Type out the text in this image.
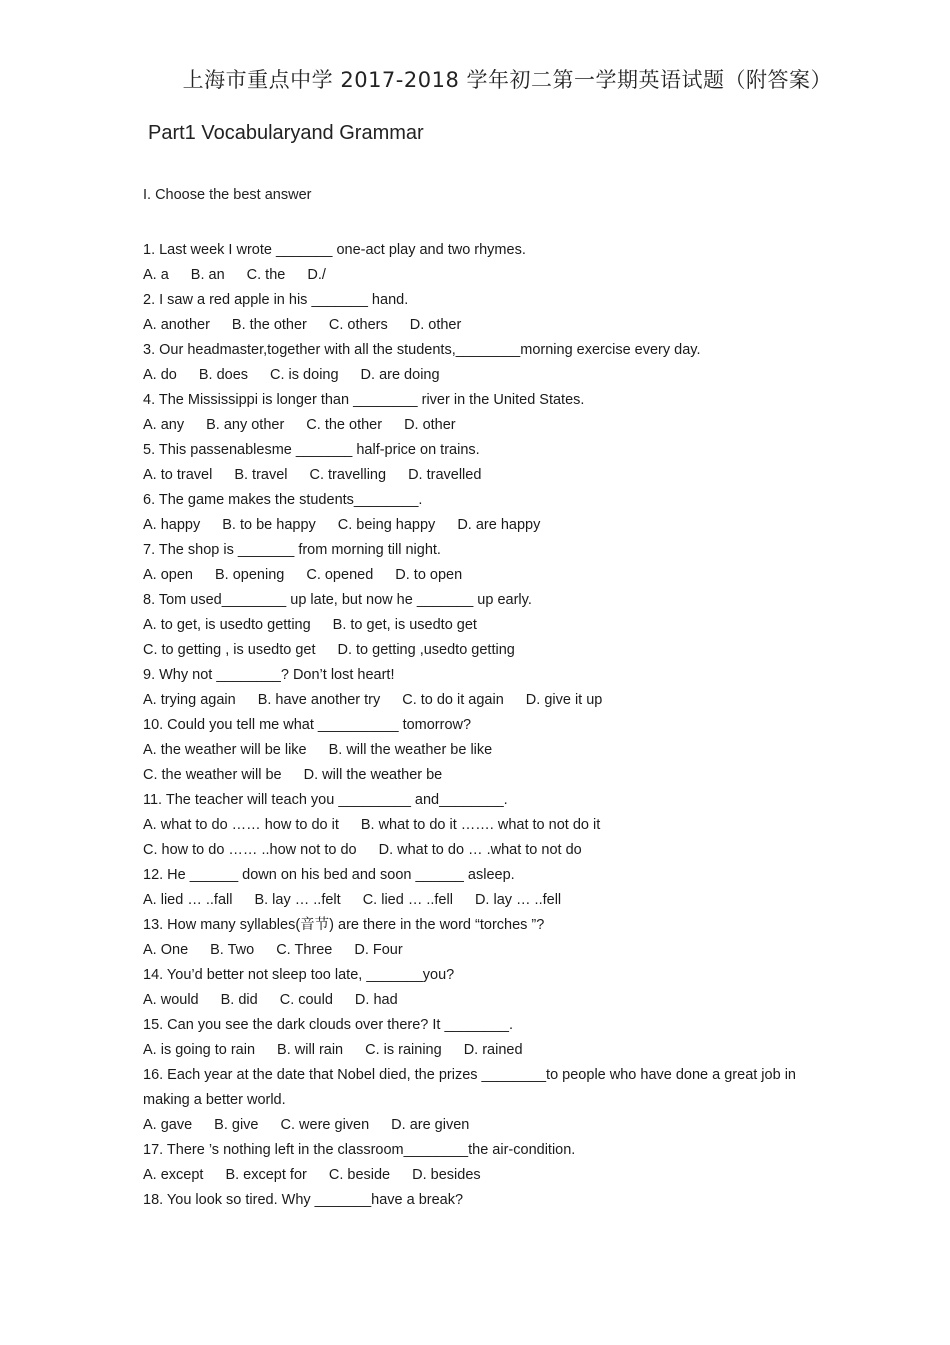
上海市重点中学 2017-2018 学年初二第一学期英语试题（附答案）
Part1 Vocabularyand Grammar
I. Choose the best answer
1. Last week I wrote _______ one-act play and two rhymes.
A. a B. an C. the D./
2. I saw a red apple in his _______ hand.
A. another B. the other C. others D. other
3. Our headmaster,together with all the students,________morning exercise every day.
A. do B. does C. is doing D. are doing
4. The Mississippi is longer than ________ river in the United States.
A. any B. any other C. the other D. other
5. This passenablesme _______ half-price on trains.
A. to travel B. travel C. travelling D. travelled
6. The game makes the students________.
A. happy B. to be happy C. being happy D. are happy
7. The shop is _______ from morning till night.
A. open B. opening C. opened D. to open
8. Tom used________ up late, but now he _______ up early.
A. to get, is usedto getting B. to get, is usedto get
C. to getting , is usedto get D. to getting ,usedto getting
9. Why not ________? Don’t lost heart!
A. trying again B. have another try C. to do it again D. give it up
10. Could you tell me what __________ tomorrow?
A. the weather will be like B. will the weather be like
C. the weather will be D. will the weather be
11. The teacher will teach you _________ and________.
A. what to do …… how to do it B. what to do it ……. what to not do it
C. how to do …… ..how not to do D. what to do … .what to not do
12. He ______ down on his bed and soon ______ asleep.
A. lied … ..fall B. lay … ..felt C. lied … ..fell D. lay … ..fell
13. How many syllables(音节) are there in the word “torches ”?
A. One B. Two C. Three D. Four
14. You’d better not sleep too late, _______you?
A. would B. did C. could D. had
15. Can you see the dark clouds over there? It ________.
A. is going to rain B. will rain C. is raining D. rained
16. Each year at the date that Nobel died, the prizes ________to people who have done a great job in
making a better world.
A. gave B. give C. were given D. are given
17. There ’s nothing left in the classroom________the air-condition.
A. except B. except for C. beside D. besides
18. You look so tired. Why _______have a break?
